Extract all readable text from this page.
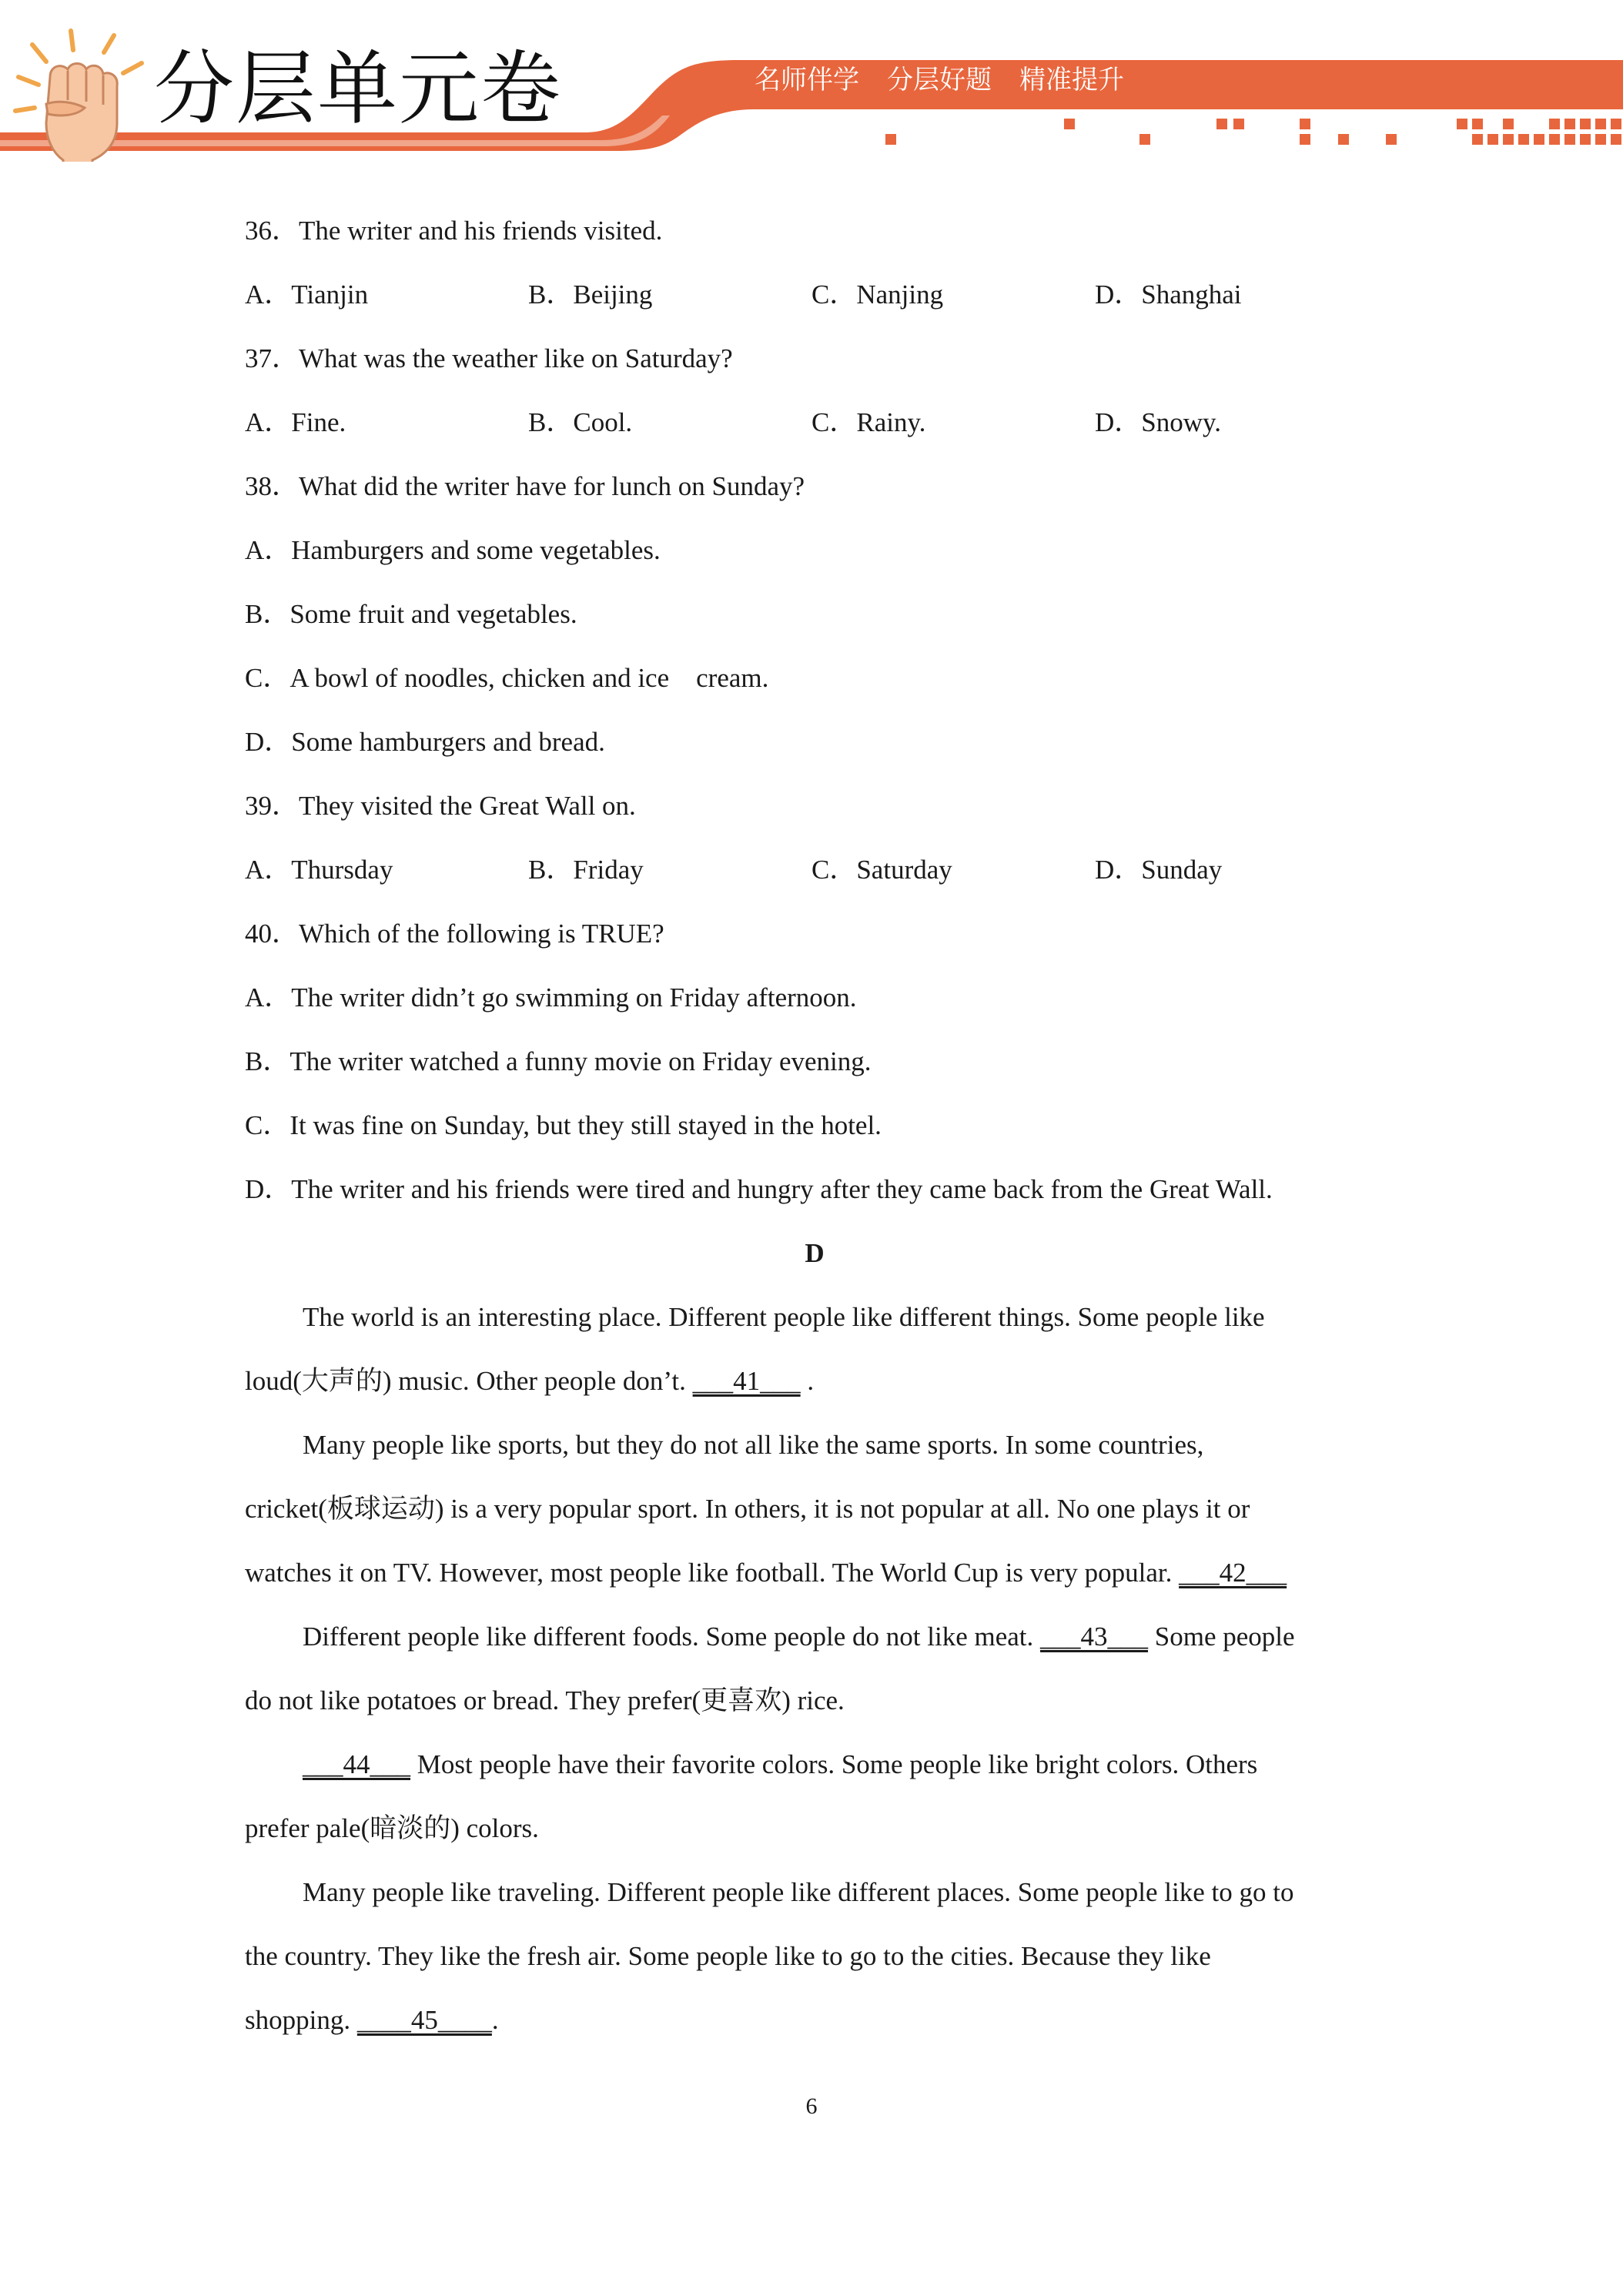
分层单元卷	名师伴学 分层好题 精准提升
36．The writer and his friends visited.
A．Tianjin	B．Beijing	C．Nanjing	D．Shanghai
37．What was the weather like on Saturday?
A．Fine.	B．Cool.	C．Rainy.	D．Snowy.
38．What did the writer have for lunch on Sunday?
A．Hamburgers and some vegetables.
B．Some fruit and vegetables.
C．A bowl of noodles, chicken and ice    cream.
D．Some hamburgers and bread.
39．They visited the Great Wall on.
A．Thursday	B．Friday	C．Saturday	D．Sunday
40．Which of the following is TRUE?
A．The writer didn’t go swimming on Friday afternoon.
B．The writer watched a funny movie on Friday evening.
C．It was fine on Sunday, but they still stayed in the hotel.
D．The writer and his friends were tired and hungry after they came back from the Great Wall.
D
The world is an interesting place. Different people like different things. Some people like
loud(大声的) music. Other people don’t. ___41___ .
Many people like sports, but they do not all like the same sports. In some countries,
cricket(板球运动) is a very popular sport. In others, it is not popular at all. No one plays it or
watches it on TV. However, most people like football. The World Cup is very popular. ___42___
Different people like different foods. Some people do not like meat. ___43___ Some people
do not like potatoes or bread. They prefer(更喜欢) rice.
___44___ Most people have their favorite colors. Some people like bright colors. Others
prefer pale(暗淡的) colors.
Many people like traveling. Different people like different places. Some people like to go to
the country. They like the fresh air. Some people like to go to the cities. Because they like
shopping. ____45____.
6
